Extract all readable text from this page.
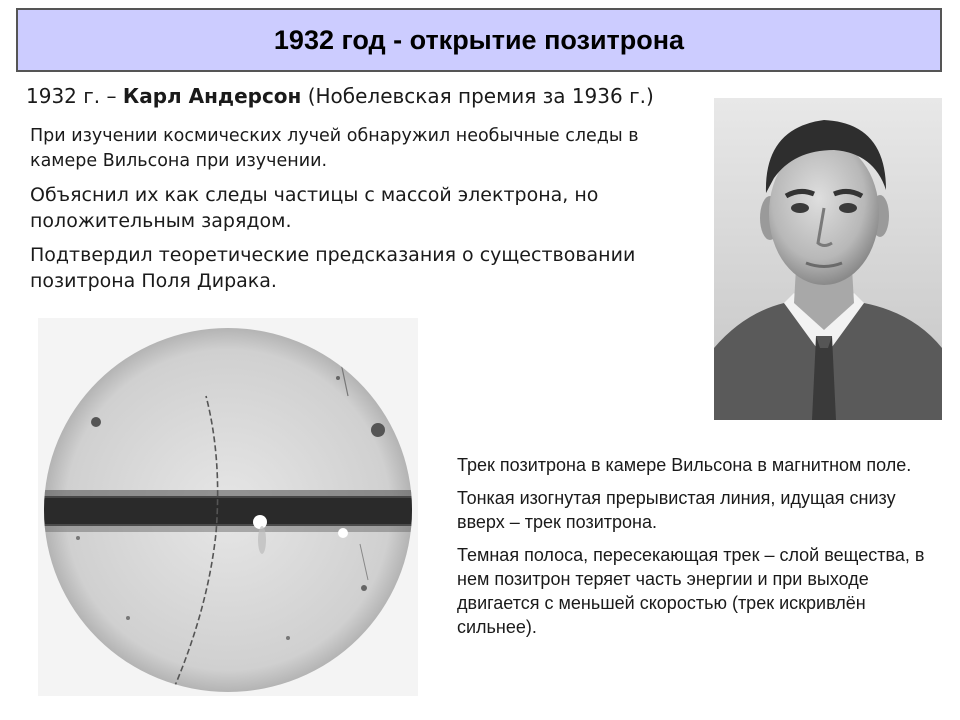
1932 год - открытие позитрона
1932 г. – Карл Андерсон (Нобелевская премия за 1936 г.)
При изучении космических лучей обнаружил необычные следы в камере Вильсона при изучении.
Объяснил их как следы частицы с массой электрона, но положительным зарядом.
Подтвердил теоретические предсказания о существовании позитрона Поля Дирака.
Трек позитрона в камере Вильсона в магнитном поле.
Тонкая изогнутая прерывистая линия, идущая снизу вверх – трек позитрона.
Темная полоса, пересекающая трек – слой вещества, в нем позитрон теряет часть энергии и при выходе двигается с меньшей скоростью (трек искривлён сильнее).
